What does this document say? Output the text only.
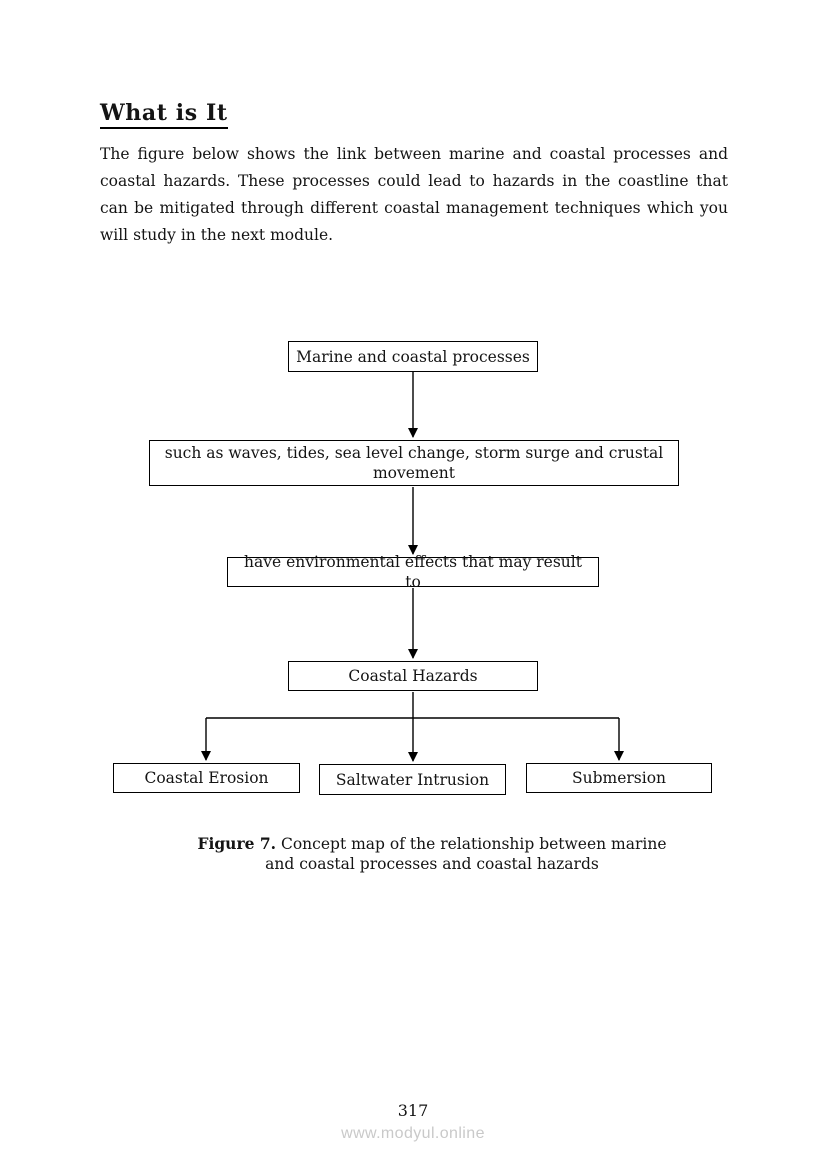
What is It
The figure below shows the link between marine and coastal processes and coastal hazards. These processes could lead to hazards in the coastline that can be mitigated through different coastal management techniques which you will study in the next module.
Marine and coastal processes
such as waves, tides, sea level change, storm surge and crustal movement
have environmental effects that may result to
Coastal Hazards
Coastal Erosion	Saltwater Intrusion	Submersion
Figure 7. Concept map of the relationship between marine and coastal processes and coastal hazards
317
www.modyul.online
